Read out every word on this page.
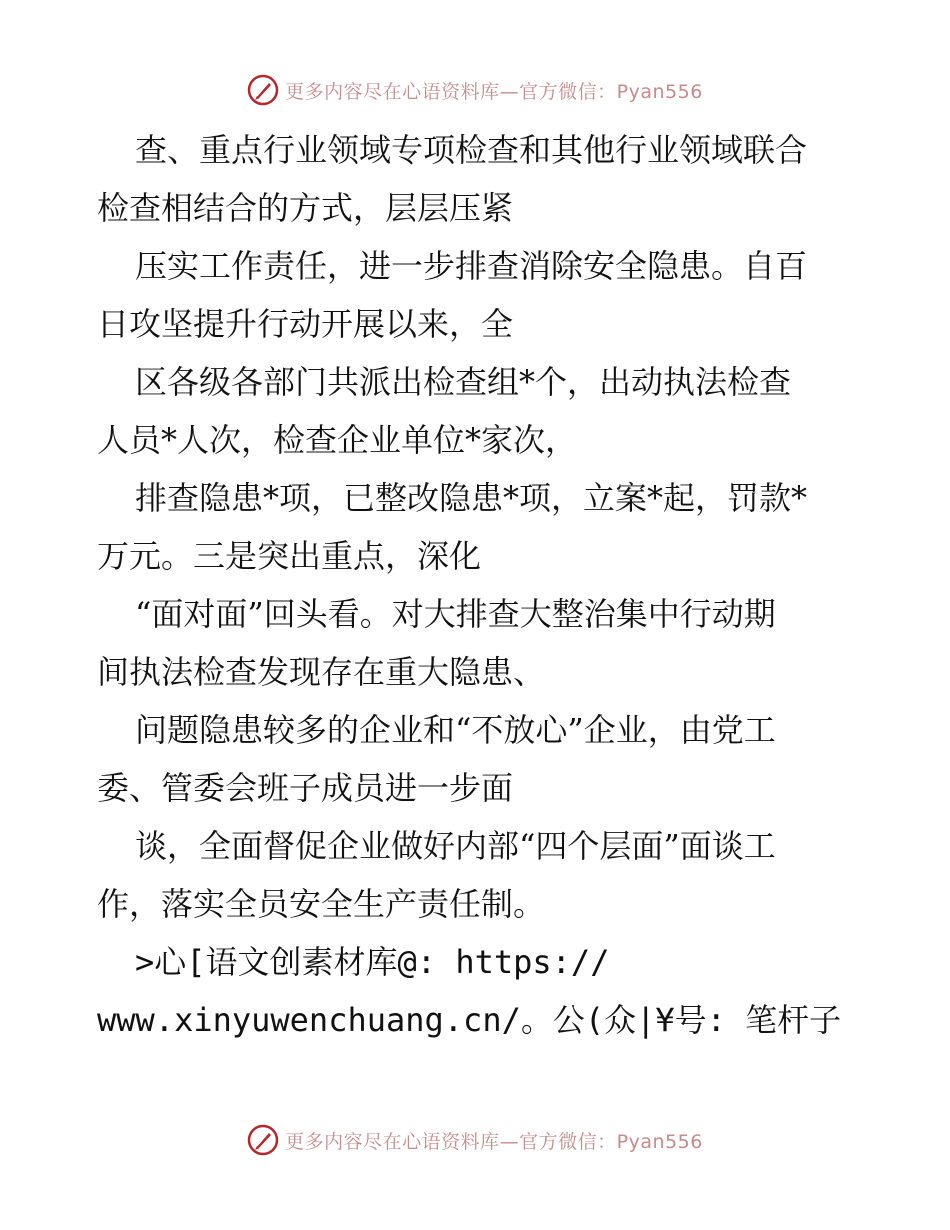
更多内容尽在心语资料库—官方微信：Pyan556
查、重点行业领域专项检查和其他行业领域联合
检查相结合的方式，层层压紧
压实工作责任，进一步排查消除安全隐患。自百
日攻坚提升行动开展以来，全
区各级各部门共派出检查组*个，出动执法检查
人员*人次，检查企业单位*家次，
排查隐患*项，已整改隐患*项，立案*起，罚款*
万元。三是突出重点，深化
“面对面”回头看。对大排查大整治集中行动期
间执法检查发现存在重大隐患、
问题隐患较多的企业和“不放心”企业，由党工
委、管委会班子成员进一步面
谈，全面督促企业做好内部“四个层面”面谈工
作，落实全员安全生产责任制。
>心[语文创素材库@: https://
www.xinyuwenchuang.cn/。公(众|¥号: 笔杆子
更多内容尽在心语资料库—官方微信：Pyan556
